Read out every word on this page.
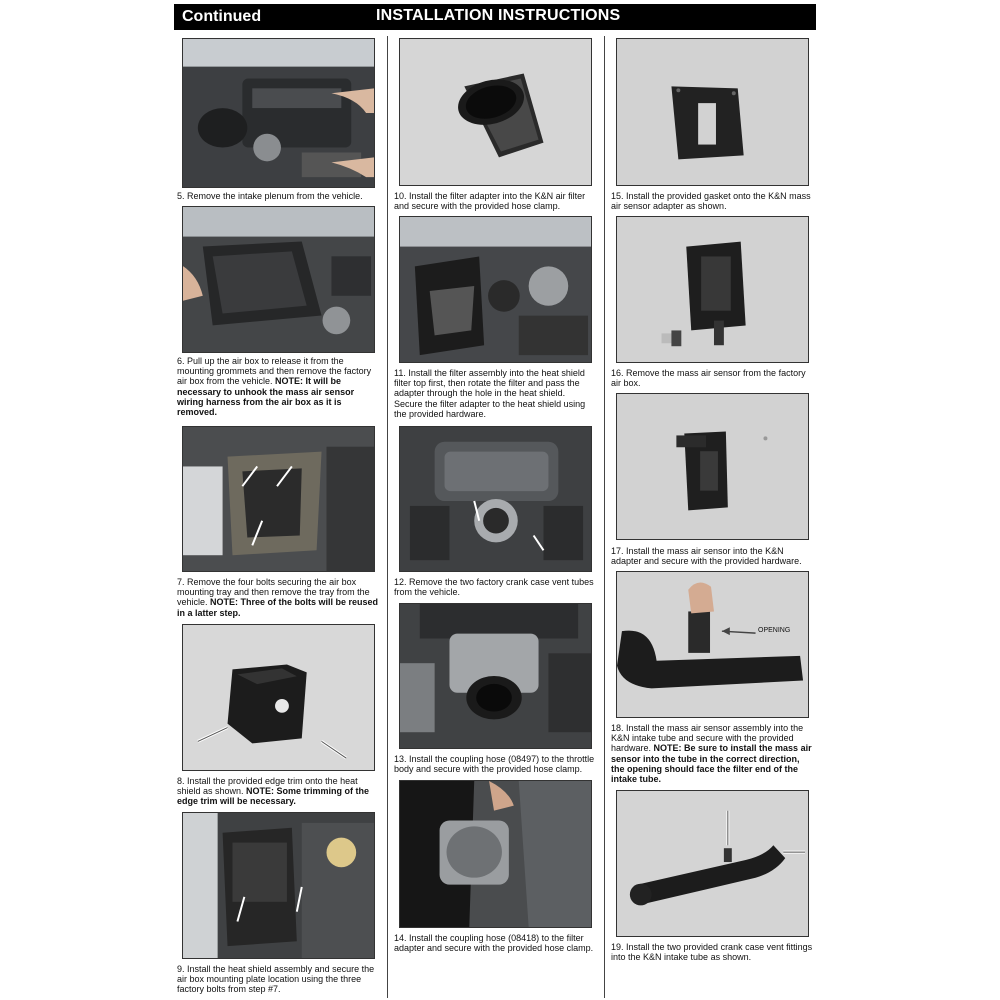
Continued	INSTALLATION INSTRUCTIONS
5. Remove the intake plenum from the vehicle.
6. Pull up the air box to release it from the mounting grommets and then remove the factory air box from the vehicle. NOTE: It will be necessary to unhook the mass air sensor wiring harness from the air box as it is removed.
7. Remove the four bolts securing the air box mounting tray and then remove the tray from the vehicle. NOTE: Three of the bolts will be reused in a latter step.
8. Install the provided edge trim onto the heat shield as shown. NOTE: Some trimming of the edge trim will be necessary.
9. Install the heat shield assembly and secure the air box mounting plate location using the three factory bolts from step #7.
10. Install the filter adapter into the K&N air filter and secure with the provided hose clamp.
11. Install the filter assembly into the heat shield filter top first, then rotate the filter and pass the adapter through the hole in the heat shield. Secure the filter adapter to the heat shield using the provided hardware.
12. Remove the two factory crank case vent tubes from the vehicle.
13. Install the coupling hose (08497) to the throttle body and secure with the provided hose clamp.
14. Install the coupling hose (08418) to the filter adapter and secure with the provided hose clamp.
15. Install the provided gasket onto the K&N mass air sensor adapter as shown.
16. Remove the mass air sensor from the factory air box.
17. Install the mass air sensor into the K&N adapter and secure with the provided hardware.
OPENING
18. Install the mass air sensor assembly into the K&N intake tube and secure with the provided hardware. NOTE: Be sure to install the mass air sensor into the tube in the correct direction, the opening should face the filter end of the intake tube.
19. Install the two provided crank case vent fittings into the K&N intake tube as shown.
